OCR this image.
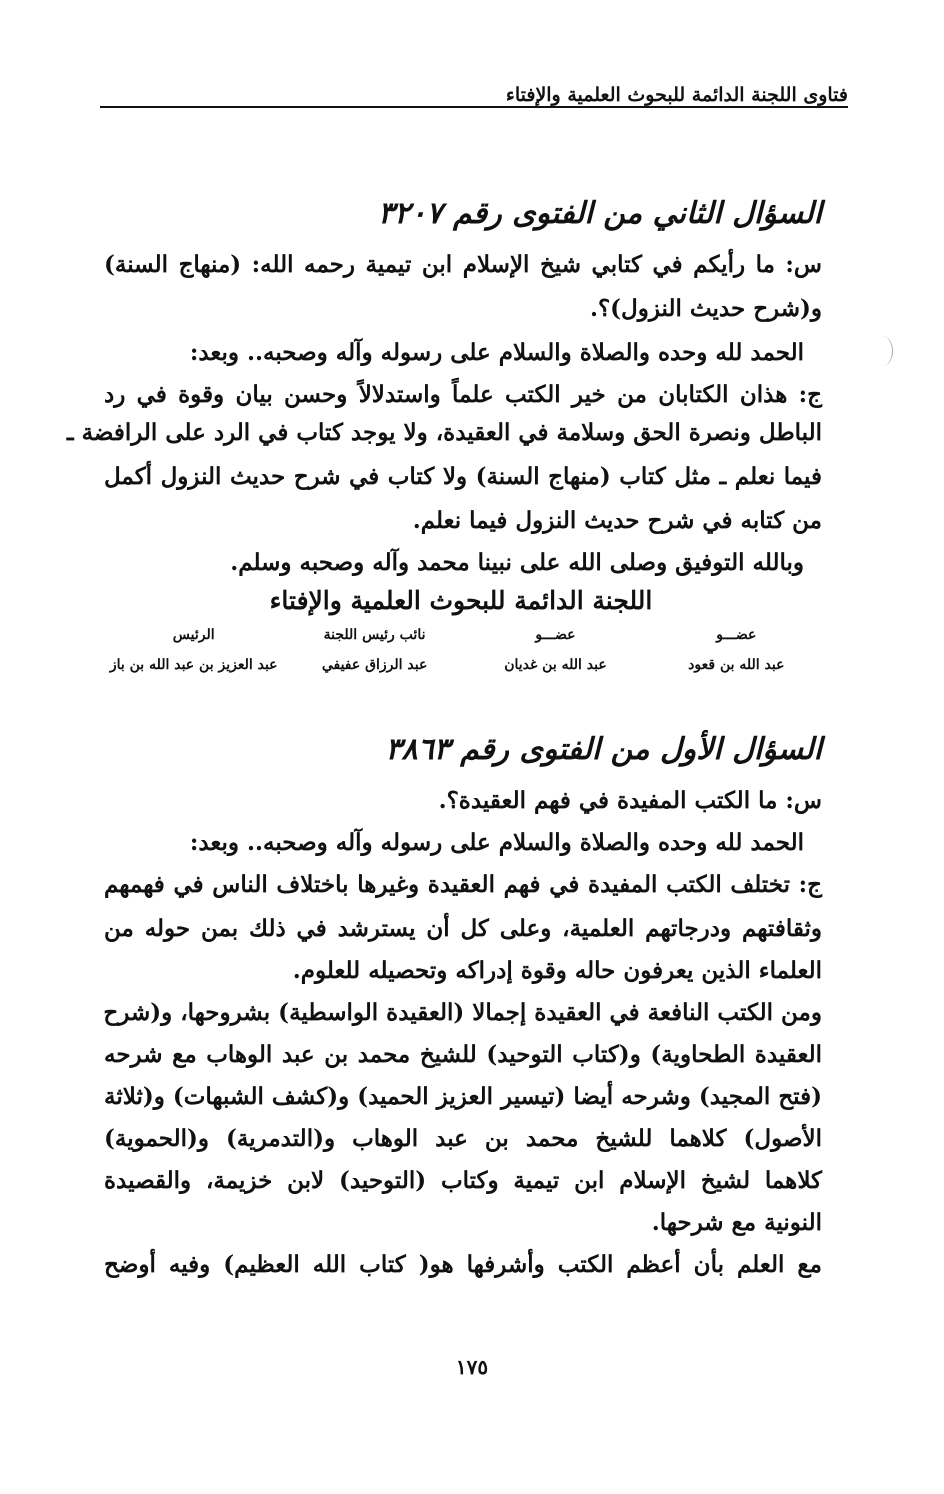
فتاوى اللجنة الدائمة للبحوث العلمية والإفتاء
السؤال الثاني من الفتوى رقم ٣٢٠٧
س: ما رأيكم في كتابي شيخ الإسلام ابن تيمية رحمه الله: (منهاج السنة)
و(شرح حديث النزول)؟.
الحمد لله وحده والصلاة والسلام على رسوله وآله وصحبه.. وبعد:
ج: هذان الكتابان من خير الكتب علماً واستدلالاً وحسن بيان وقوة في رد
الباطل ونصرة الحق وسلامة في العقيدة، ولا يوجد كتاب في الرد على الرافضة ـ
فيما نعلم ـ مثل كتاب (منهاج السنة) ولا كتاب في شرح حديث النزول أكمل
من كتابه في شرح حديث النزول فيما نعلم.
وبالله التوفيق وصلى الله على نبينا محمد وآله وصحبه وسلم.
اللجنة الدائمة للبحوث العلمية والإفتاء
عضـــو
عبد الله بن قعود
عضـــو
عبد الله بن غديان
نائب رئيس اللجنة
عبد الرزاق عفيفي
الرئيس
عبد العزيز بن عبد الله بن باز
السؤال الأول من الفتوى رقم ٣٨٦٣
س: ما الكتب المفيدة في فهم العقيدة؟.
الحمد لله وحده والصلاة والسلام على رسوله وآله وصحبه.. وبعد:
ج: تختلف الكتب المفيدة في فهم العقيدة وغيرها باختلاف الناس في فهمهم
وثقافتهم ودرجاتهم العلمية، وعلى كل أن يسترشد في ذلك بمن حوله من
العلماء الذين يعرفون حاله وقوة إدراكه وتحصيله للعلوم.
ومن الكتب النافعة في العقيدة إجمالا (العقيدة الواسطية) بشروحها، و(شرح
العقيدة الطحاوية) و(كتاب التوحيد) للشيخ محمد بن عبد الوهاب مع شرحه
(فتح المجيد) وشرحه أيضا (تيسير العزيز الحميد) و(كشف الشبهات) و(ثلاثة
الأصول) كلاهما للشيخ محمد بن عبد الوهاب و(التدمرية) و(الحموية)
كلاهما لشيخ الإسلام ابن تيمية وكتاب (التوحيد) لابن خزيمة، والقصيدة
النونية مع شرحها.
مع العلم بأن أعظم الكتب وأشرفها هو( كتاب الله العظيم) وفيه أوضح
١٧٥
